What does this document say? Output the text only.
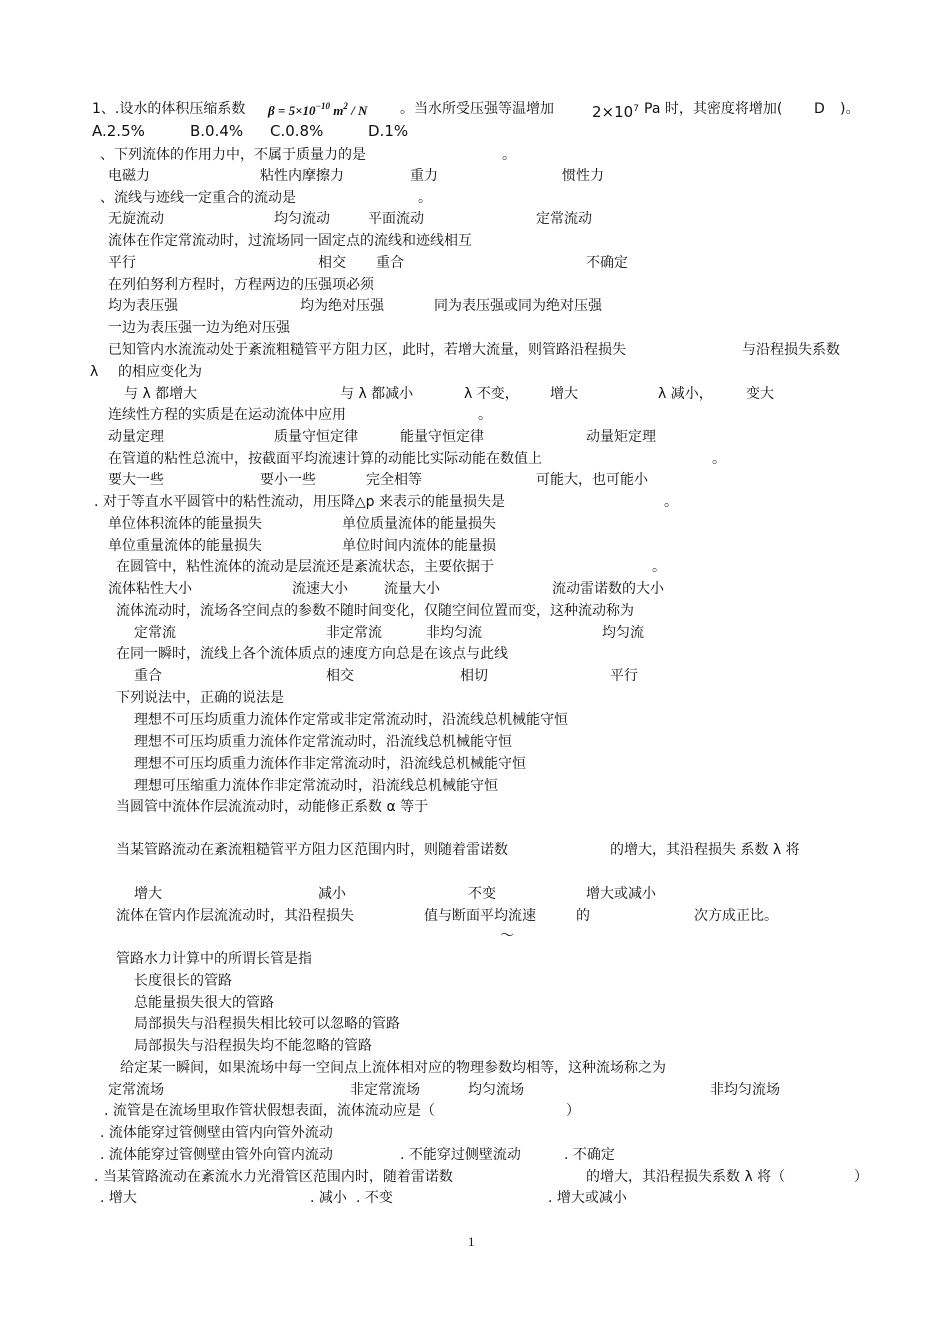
1、.设水的体积压缩系数 $\beta = 5\times 10^{-10}$ $m^2$ / N 。当水所受压强等温增加	$2\times 10^7$ Pa 时，其密度将增加( D )。
A.2.5%	B.0.4% C.0.8%	D.1%
、下列流体的作用力中，不属于质量力的是	。
电磁力	粘性内摩擦力	重力	惯性力
、流线与迹线一定重合的流动是	。
无旋流动	均匀流动	平面流动	定常流动
流体在作定常流动时，过流场同一固定点的流线和迹线相互
平行	相交 重合	不确定
在列伯努利方程时，方程两边的压强项必须
均为表压强	均为绝对压强	同为表压强或同为绝对压强
一边为表压强一边为绝对压强
已知管内水流流动处于紊流粗糙管平方阻力区，此时，若增大流量，则管路沿程损失	与沿程损失系数
λ 的相应变化为
与 λ 都增大	与 λ 都减小	λ 不变， 增大	λ 减小， 变大
连续性方程的实质是在运动流体中应用	。
动量定理	质量守恒定律	能量守恒定律	动量矩定理
在管道的粘性总流中，按截面平均流速计算的动能比实际动能在数值上	。
要大一些	要小一些	完全相等	可能大，也可能小
. 对于等直水平圆管中的粘性流动，用压降△p 来表示的能量损失是	。
单位体积流体的能量损失	单位质量流体的能量损失
单位重量流体的能量损失	单位时间内流体的能量损
在圆管中，粘性流体的流动是层流还是紊流状态，主要依据于	。
流体粘性大小	流速大小	流量大小	流动雷诺数的大小
流体流动时，流场各空间点的参数不随时间变化，仅随空间位置而变，这种流动称为
定常流	非定常流	非均匀流	均匀流
在同一瞬时，流线上各个流体质点的速度方向总是在该点与此线
重合	相交	相切	平行
下列说法中，正确的说法是
理想不可压均质重力流体作定常或非定常流动时，沿流线总机械能守恒
理想不可压均质重力流体作定常流动时，沿流线总机械能守恒
理想不可压均质重力流体作非定常流动时，沿流线总机械能守恒
理想可压缩重力流体作非定常流动时，沿流线总机械能守恒
当圆管中流体作层流流动时，动能修正系数 α 等于
当某管路流动在紊流粗糙管平方阻力区范围内时，则随着雷诺数	的增大，其沿程损失 系数 λ 将
增大	减小	不变	增大或减小
流体在管内作层流流动时，其沿程损失	值与断面平均流速	的	次方成正比。
～
管路水力计算中的所谓长管是指
长度很长的管路
总能量损失很大的管路
局部损失与沿程损失相比较可以忽略的管路
局部损失与沿程损失均不能忽略的管路
给定某一瞬间，如果流场中每一空间点上流体相对应的物理参数均相等，这种流场称之为
定常流场	非定常流场	均匀流场	非均匀流场
. 流管是在流场里取作管状假想表面，流体流动应是（	）
. 流体能穿过管侧壁由管内向管外流动
. 流体能穿过管侧壁由管外向管内流动	. 不能穿过侧壁流动	. 不确定
. 当某管路流动在紊流水力光滑管区范围内时，随着雷诺数	的增大，其沿程损失系数 λ 将（	）
. 增大	. 减小 . 不变	. 增大或减小
1
